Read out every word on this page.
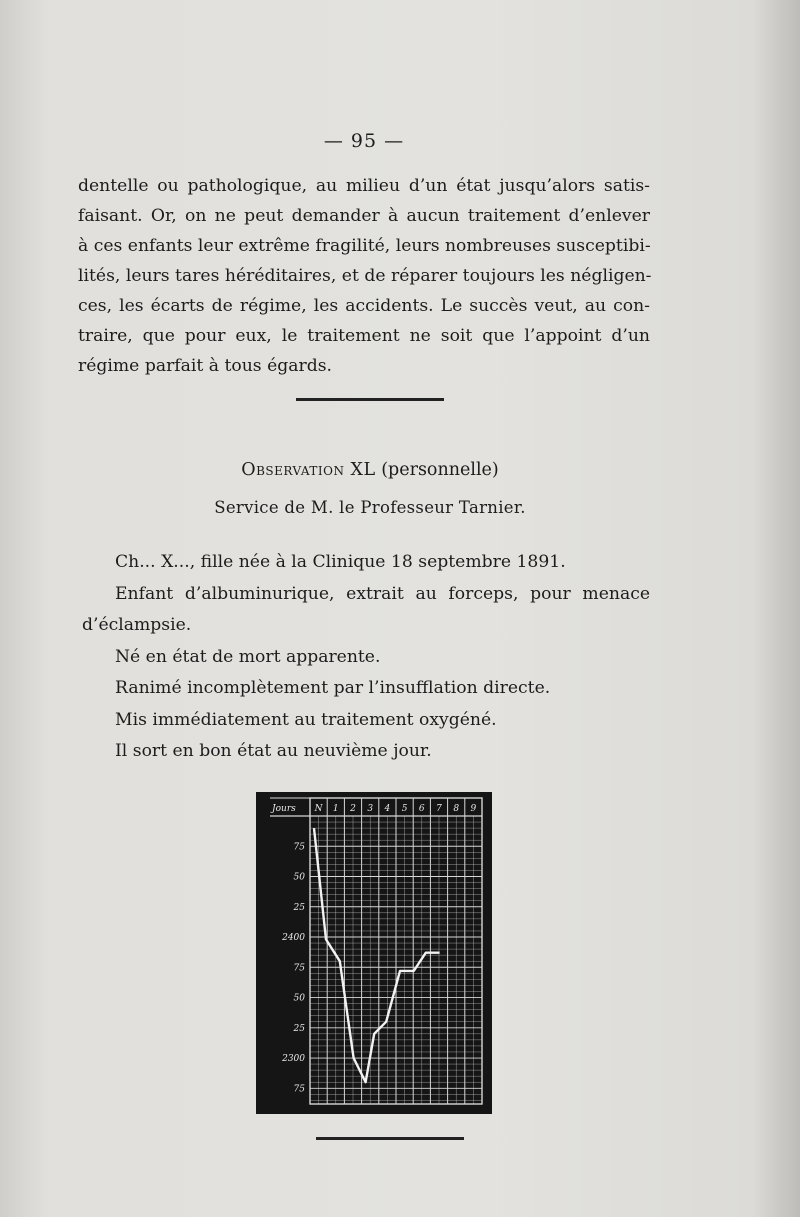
— 95 —
dentelle ou pathologique, au milieu d’un état jusqu’alors satis-
faisant. Or, on ne peut demander à aucun traitement d’enlever
à ces enfants leur extrême fragilité, leurs nombreuses susceptibi-
lités, leurs tares héréditaires, et de réparer toujours les négligen-
ces, les écarts de régime, les accidents. Le succès veut, au con-
traire, que pour eux, le traitement ne soit que l’appoint d’un
régime parfait à tous égards.
Observation XL (personnelle)
Service de M. le Professeur Tarnier.
Ch... X..., fille née à la Clinique 18 septembre 1891.
Enfant d’albuminurique, extrait au forceps, pour menace
d’éclampsie.
Né en état de mort apparente.
Ranimé incomplètement par l’insufflation directe.
Mis immédiatement au traitement oxygéné.
Il sort en bon état au neuvième jour.
Jours N 1 2 3 4 5 6 7 8 9
75
50
25
2400
75
50
25
2300
75
